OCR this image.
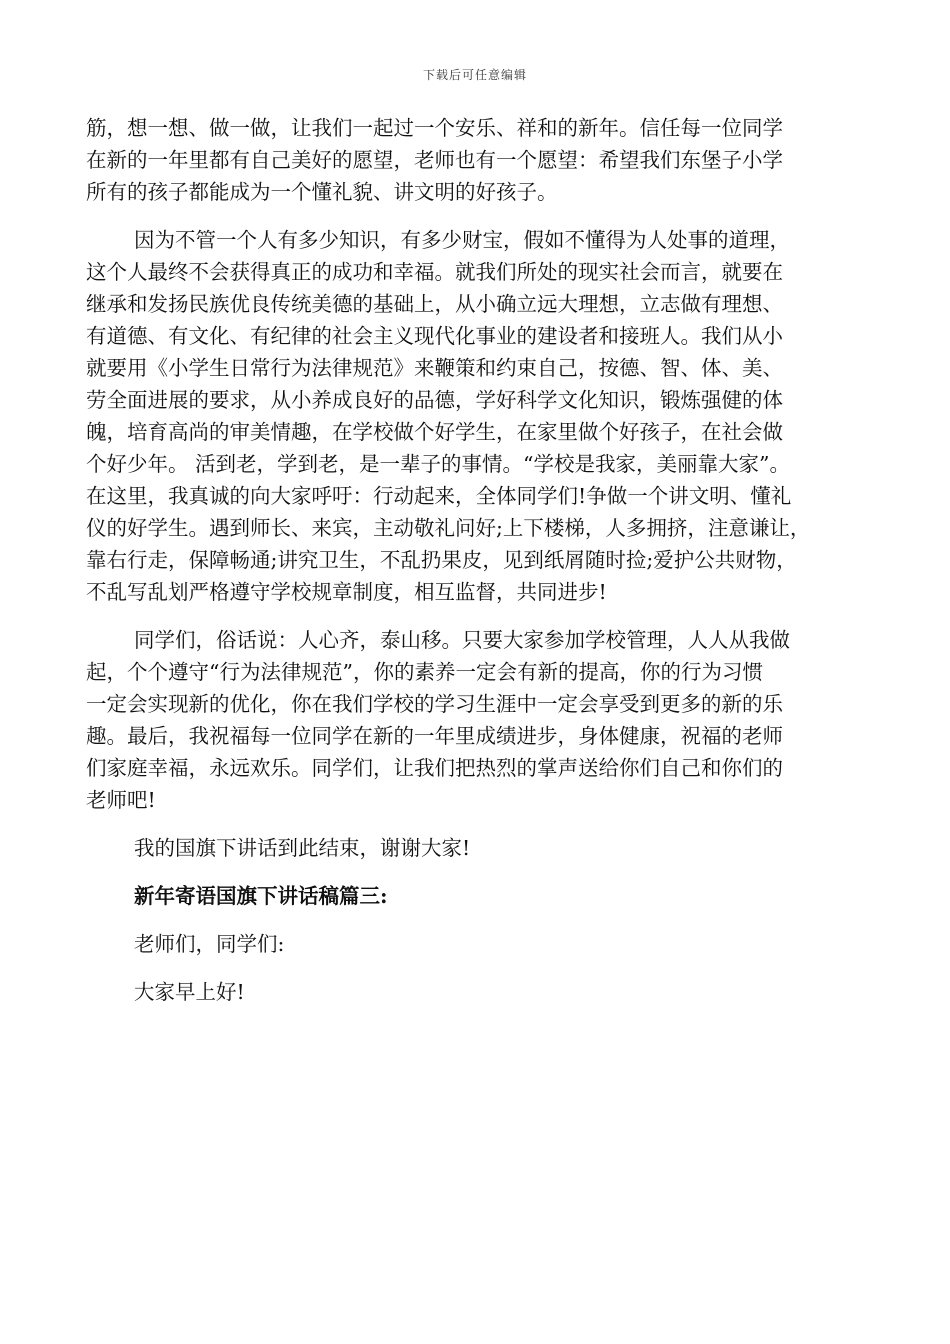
下载后可任意编辑
筋，想一想、做一做，让我们一起过一个安乐、祥和的新年。信任每一位同学
在新的一年里都有自己美好的愿望，老师也有一个愿望：希望我们东堡子小学
所有的孩子都能成为一个懂礼貌、讲文明的好孩子。
因为不管一个人有多少知识，有多少财宝，假如不懂得为人处事的道理，
这个人最终不会获得真正的成功和幸福。就我们所处的现实社会而言，就要在
继承和发扬民族优良传统美德的基础上，从小确立远大理想，立志做有理想、
有道德、有文化、有纪律的社会主义现代化事业的建设者和接班人。我们从小
就要用《小学生日常行为法律规范》来鞭策和约束自己，按德、智、体、美、
劳全面进展的要求，从小养成良好的品德，学好科学文化知识，锻炼强健的体
魄，培育高尚的审美情趣，在学校做个好学生，在家里做个好孩子，在社会做
个好少年。 活到老，学到老，是一辈子的事情。“学校是我家，美丽靠大家”。
在这里，我真诚的向大家呼吁：行动起来，全体同学们!争做一个讲文明、懂礼
仪的好学生。遇到师长、来宾，主动敬礼问好;上下楼梯，人多拥挤，注意谦让，
靠右行走，保障畅通;讲究卫生，不乱扔果皮，见到纸屑随时捡;爱护公共财物，
不乱写乱划严格遵守学校规章制度，相互监督，共同进步!
同学们，俗话说：人心齐，泰山移。只要大家参加学校管理，人人从我做
起，个个遵守“行为法律规范”，你的素养一定会有新的提高，你的行为习惯
一定会实现新的优化，你在我们学校的学习生涯中一定会享受到更多的新的乐
趣。最后，我祝福每一位同学在新的一年里成绩进步，身体健康，祝福的老师
们家庭幸福，永远欢乐。同学们，让我们把热烈的掌声送给你们自己和你们的
老师吧!
我的国旗下讲话到此结束，谢谢大家!
新年寄语国旗下讲话稿篇三:
老师们，同学们:
大家早上好!
